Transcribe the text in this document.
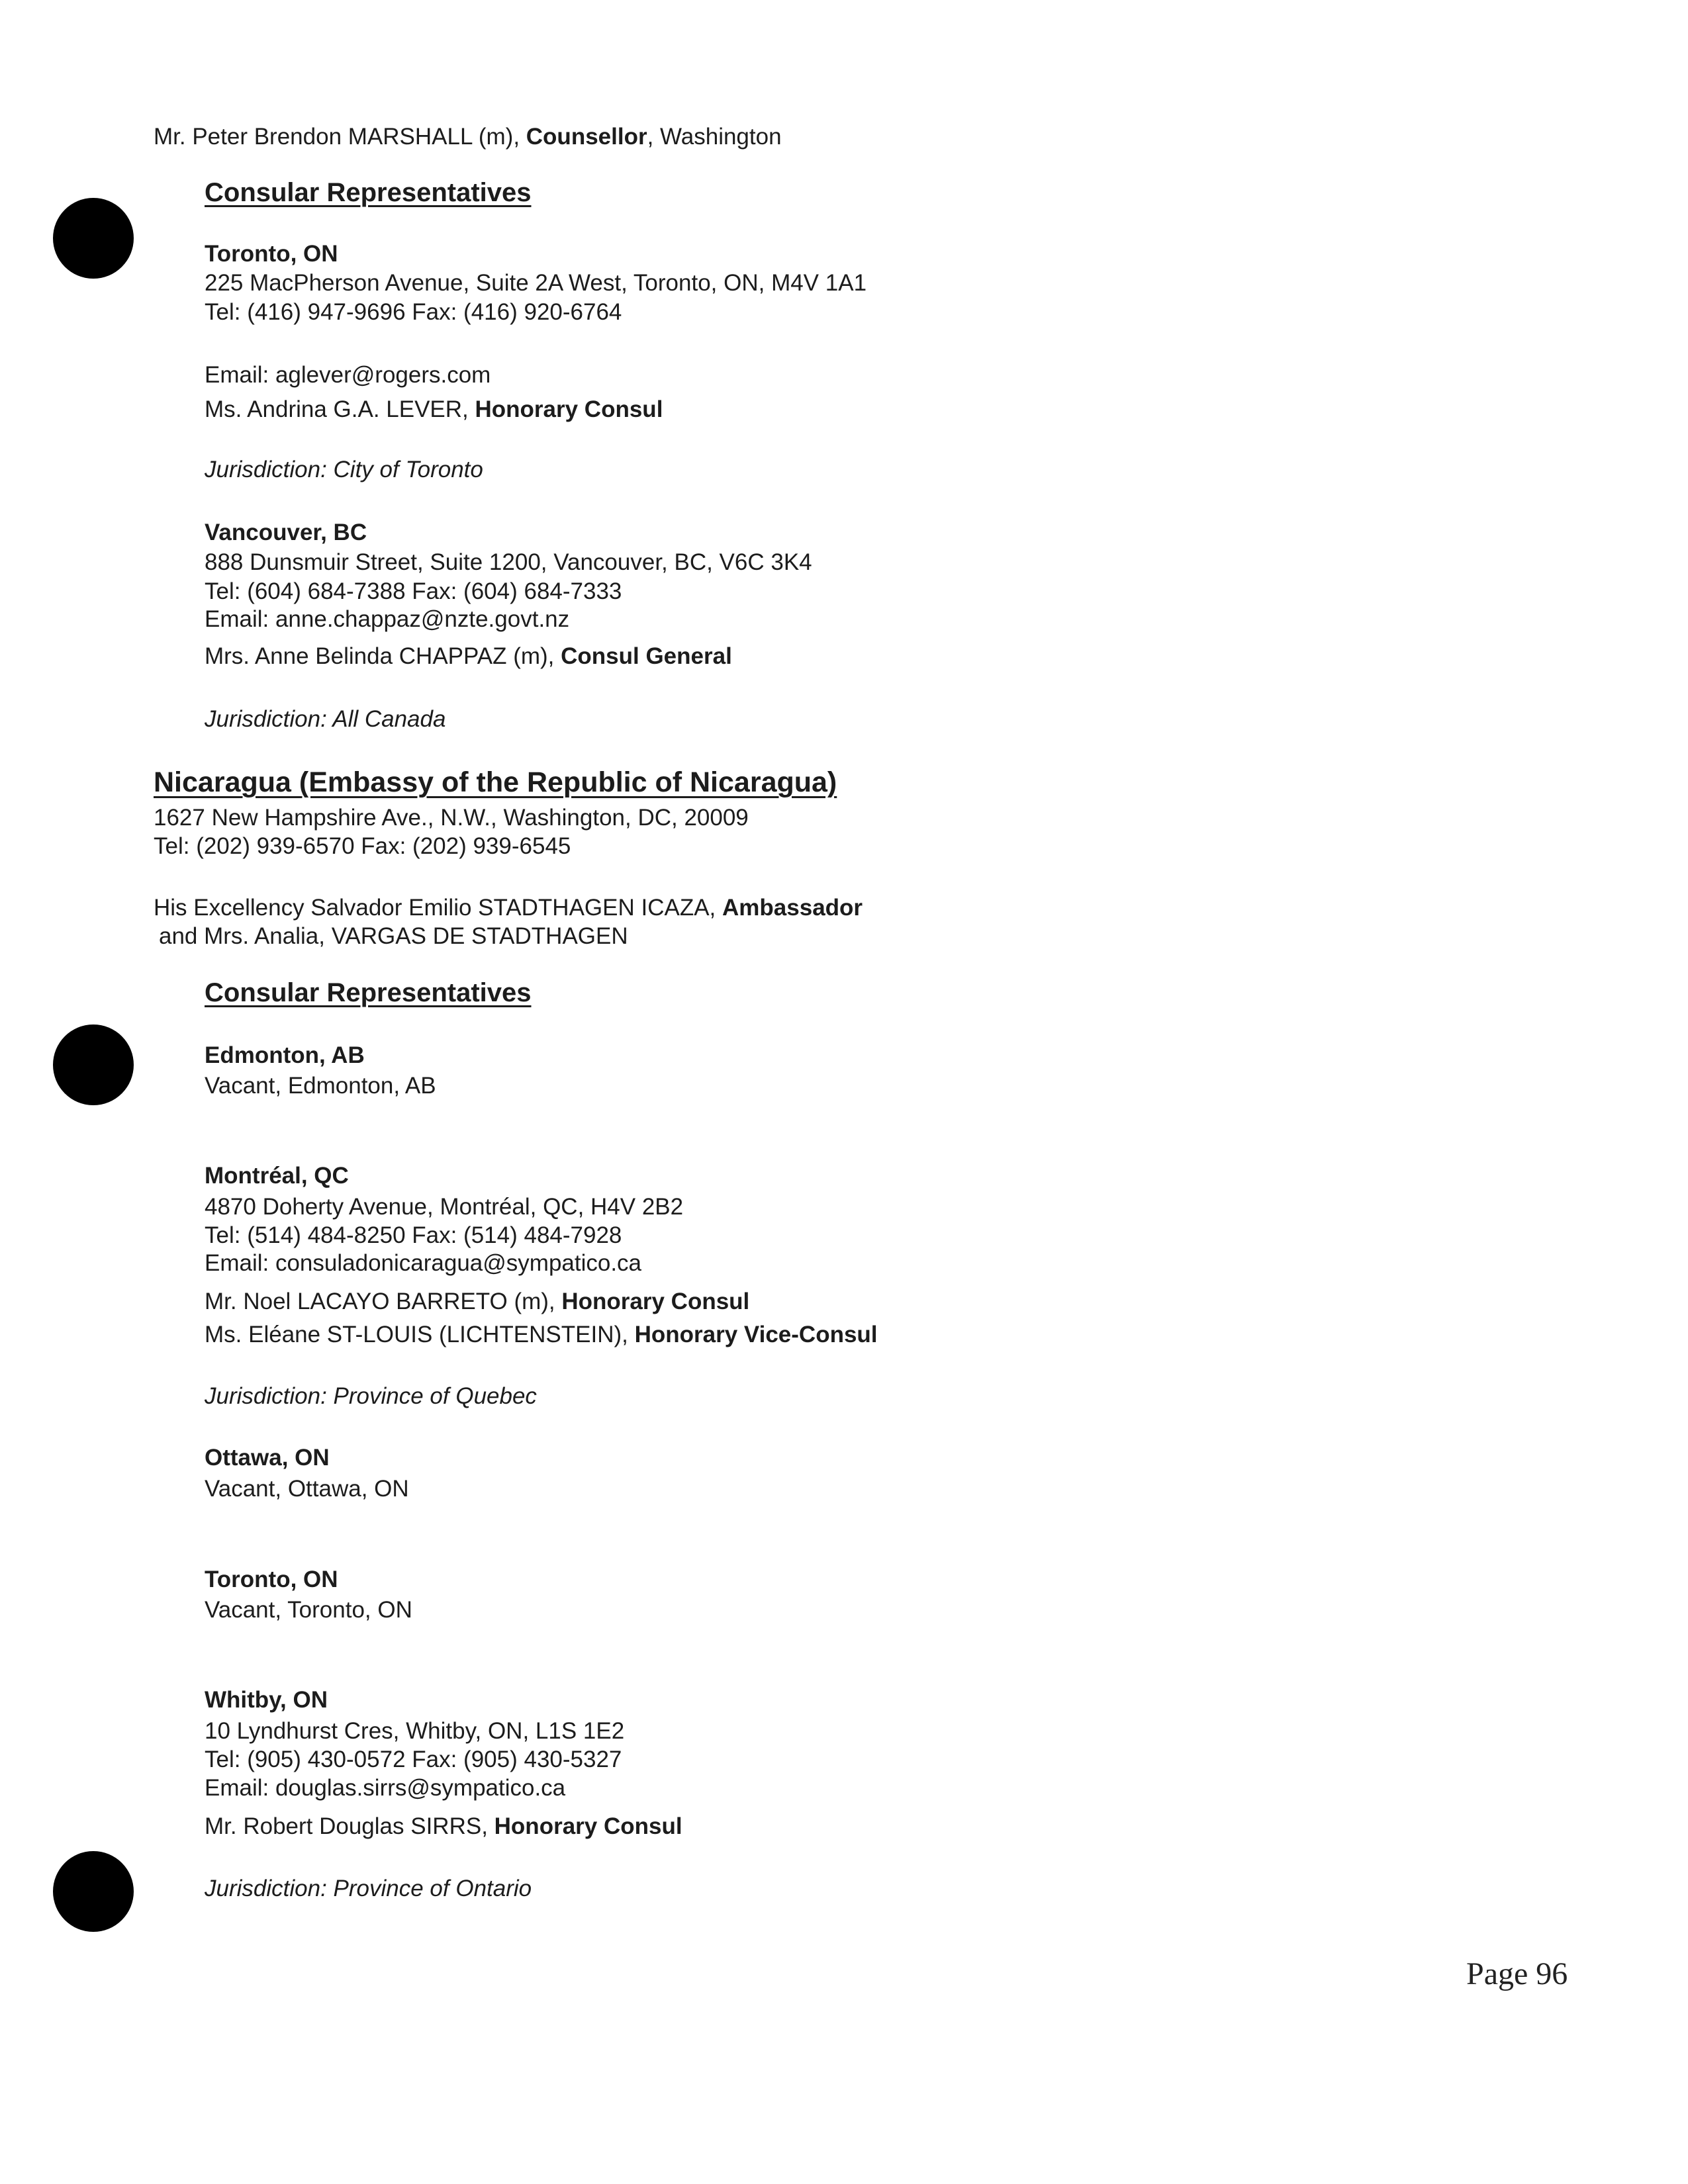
Mr. Peter Brendon MARSHALL (m), Counsellor, Washington
Consular Representatives
Toronto, ON
225 MacPherson Avenue, Suite 2A West, Toronto, ON, M4V 1A1
Tel: (416) 947-9696 Fax: (416) 920-6764
Email: aglever@rogers.com
Ms. Andrina G.A. LEVER, Honorary Consul
Jurisdiction: City of Toronto
Vancouver, BC
888 Dunsmuir Street, Suite 1200, Vancouver, BC, V6C 3K4
Tel: (604) 684-7388 Fax: (604) 684-7333
Email: anne.chappaz@nzte.govt.nz
Mrs. Anne Belinda CHAPPAZ (m), Consul General
Jurisdiction: All Canada
Nicaragua (Embassy of the Republic of Nicaragua)
1627 New Hampshire Ave., N.W., Washington, DC, 20009
Tel: (202) 939-6570 Fax: (202) 939-6545
His Excellency Salvador Emilio STADTHAGEN ICAZA, Ambassador
and Mrs. Analia, VARGAS DE STADTHAGEN
Consular Representatives
Edmonton, AB
Vacant, Edmonton, AB
Montréal, QC
4870 Doherty Avenue, Montréal, QC, H4V 2B2
Tel: (514) 484-8250 Fax: (514) 484-7928
Email: consuladonicaragua@sympatico.ca
Mr. Noel LACAYO BARRETO (m), Honorary Consul
Ms. Eléane ST-LOUIS (LICHTENSTEIN), Honorary Vice-Consul
Jurisdiction: Province of Quebec
Ottawa, ON
Vacant, Ottawa, ON
Toronto, ON
Vacant, Toronto, ON
Whitby, ON
10 Lyndhurst Cres, Whitby, ON, L1S 1E2
Tel: (905) 430-0572 Fax: (905) 430-5327
Email: douglas.sirrs@sympatico.ca
Mr. Robert Douglas SIRRS, Honorary Consul
Jurisdiction: Province of Ontario
Page 96
